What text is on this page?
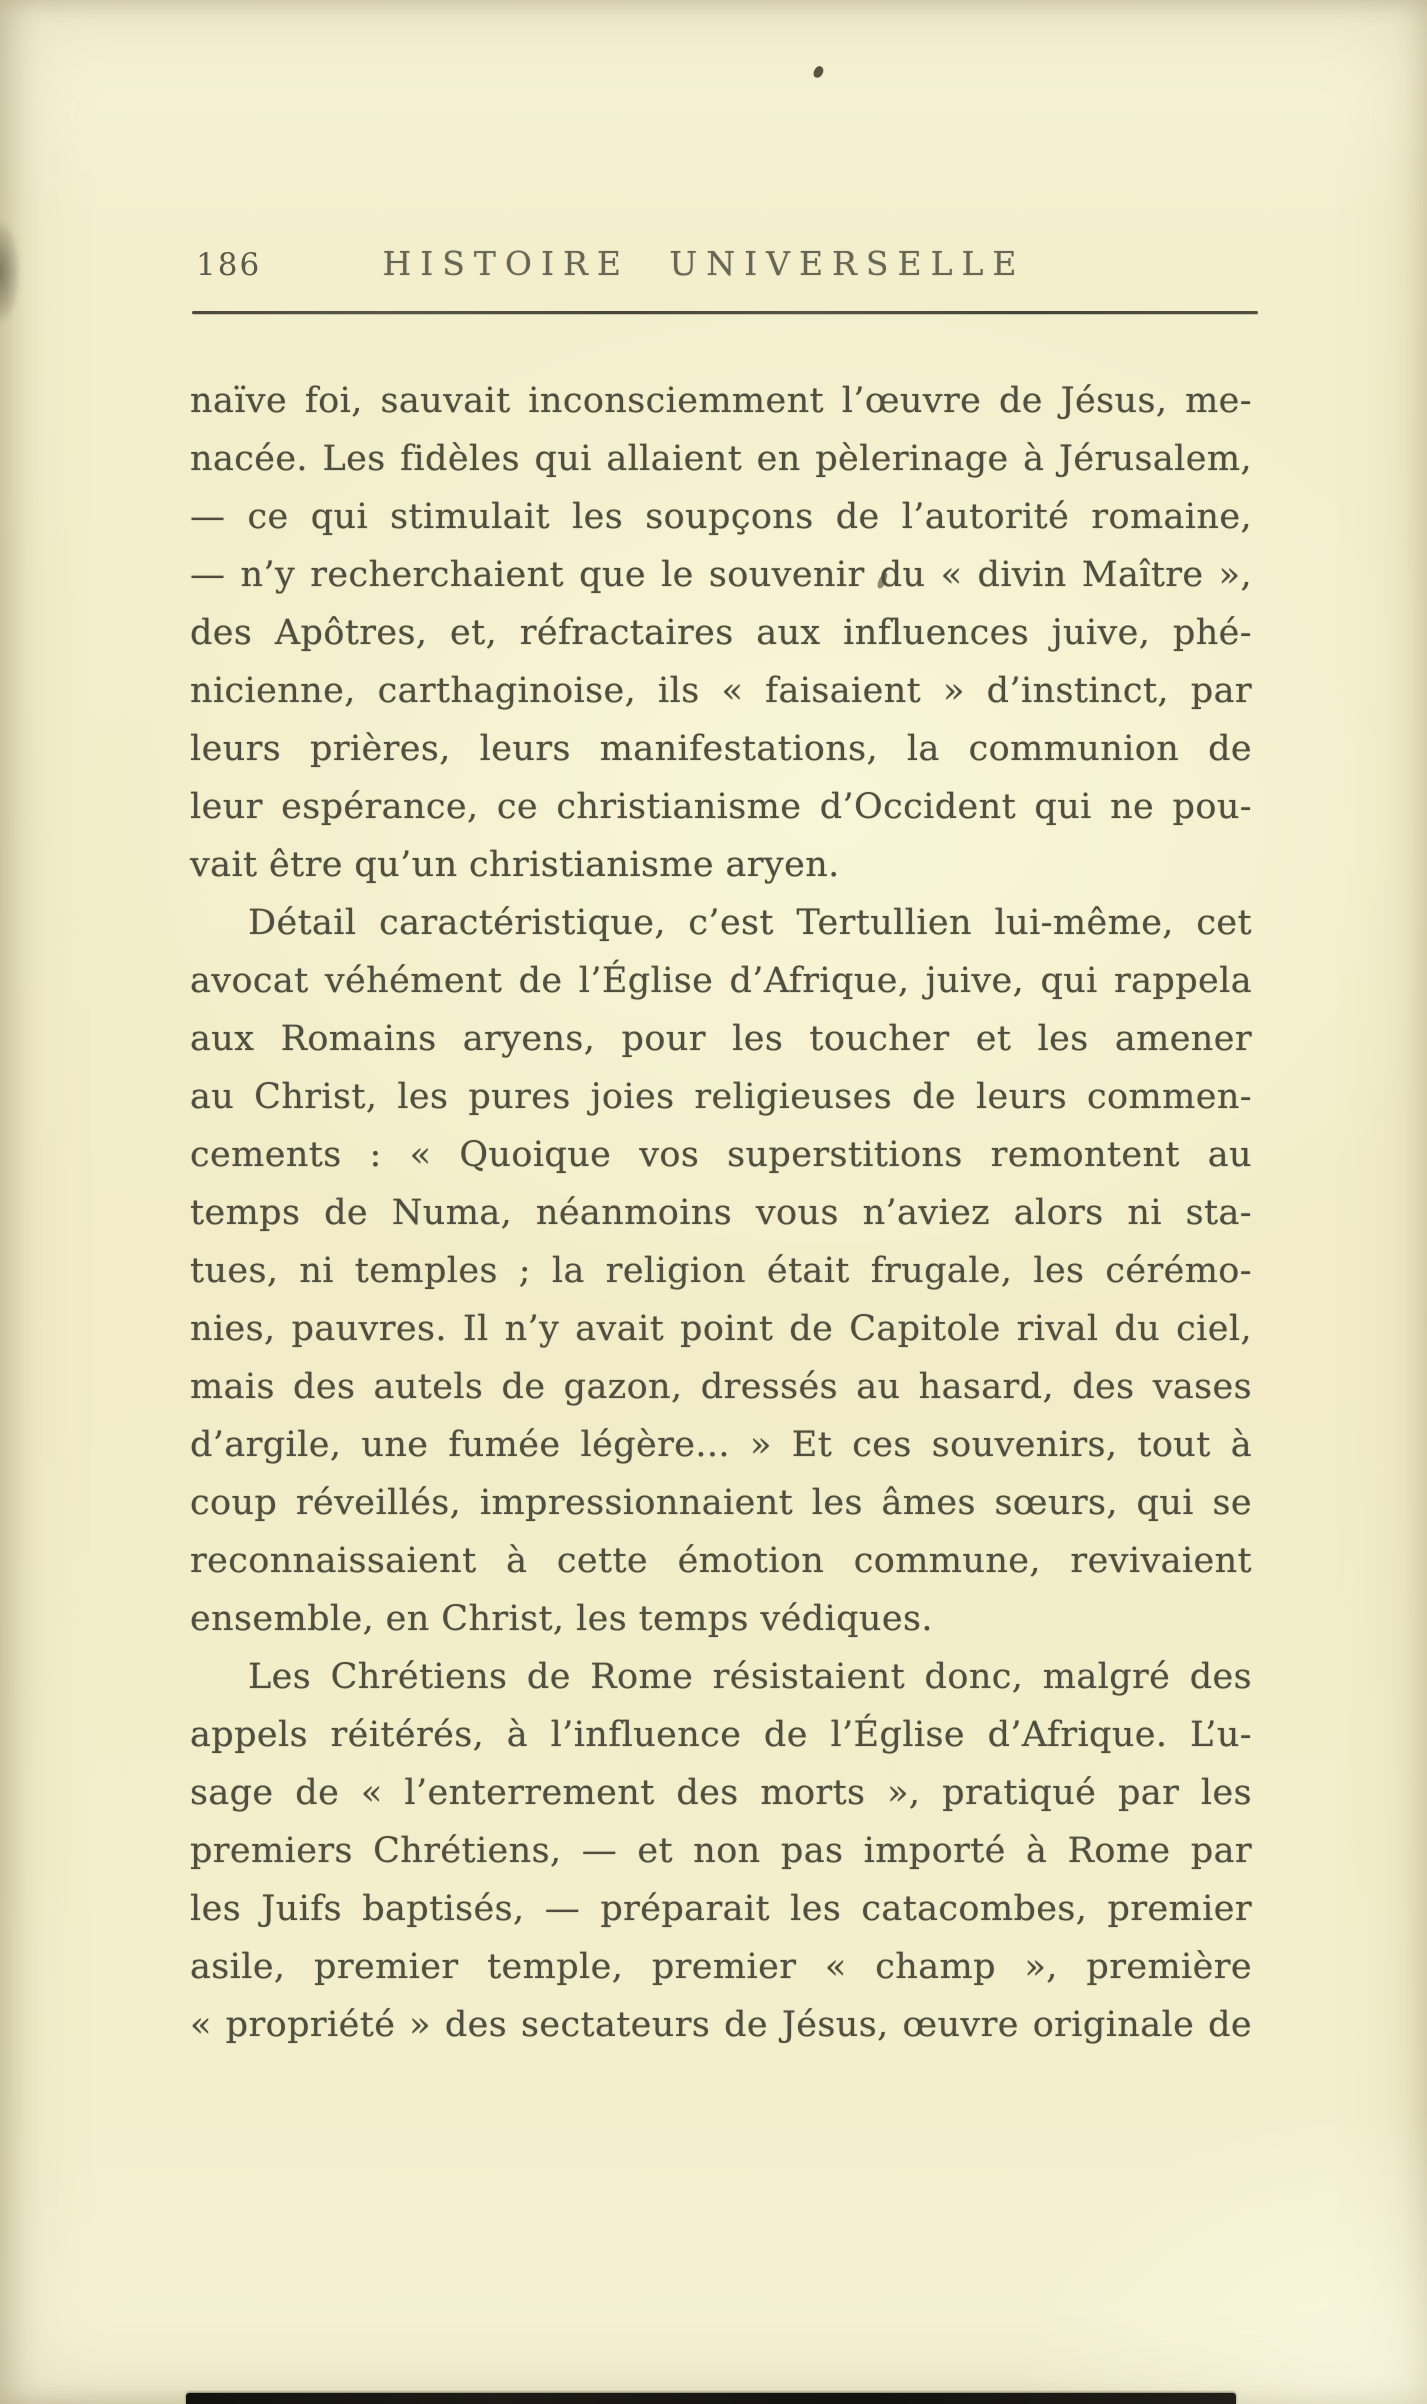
186	HISTOIRE UNIVERSELLE
naïve foi, sauvait inconsciemment l’œuvre de Jésus, me-
nacée. Les fidèles qui allaient en pèlerinage à Jérusalem,
— ce qui stimulait les soupçons de l’autorité romaine,
— n’y recherchaient que le souvenir du « divin Maître »,
des Apôtres, et, réfractaires aux influences juive, phé-
nicienne, carthaginoise, ils « faisaient » d’instinct, par
leurs prières, leurs manifestations, la communion de
leur espérance, ce christianisme d’Occident qui ne pou-
vait être qu’un christianisme aryen.
Détail caractéristique, c’est Tertullien lui-même, cet
avocat véhément de l’Église d’Afrique, juive, qui rappela
aux Romains aryens, pour les toucher et les amener
au Christ, les pures joies religieuses de leurs commen-
cements : « Quoique vos superstitions remontent au
temps de Numa, néanmoins vous n’aviez alors ni sta-
tues, ni temples ; la religion était frugale, les cérémo-
nies, pauvres. Il n’y avait point de Capitole rival du ciel,
mais des autels de gazon, dressés au hasard, des vases
d’argile, une fumée légère... » Et ces souvenirs, tout à
coup réveillés, impressionnaient les âmes sœurs, qui se
reconnaissaient à cette émotion commune, revivaient
ensemble, en Christ, les temps védiques.
Les Chrétiens de Rome résistaient donc, malgré des
appels réitérés, à l’influence de l’Église d’Afrique. L’u-
sage de « l’enterrement des morts », pratiqué par les
premiers Chrétiens, — et non pas importé à Rome par
les Juifs baptisés, — préparait les catacombes, premier
asile, premier temple, premier « champ », première
« propriété » des sectateurs de Jésus, œuvre originale de
